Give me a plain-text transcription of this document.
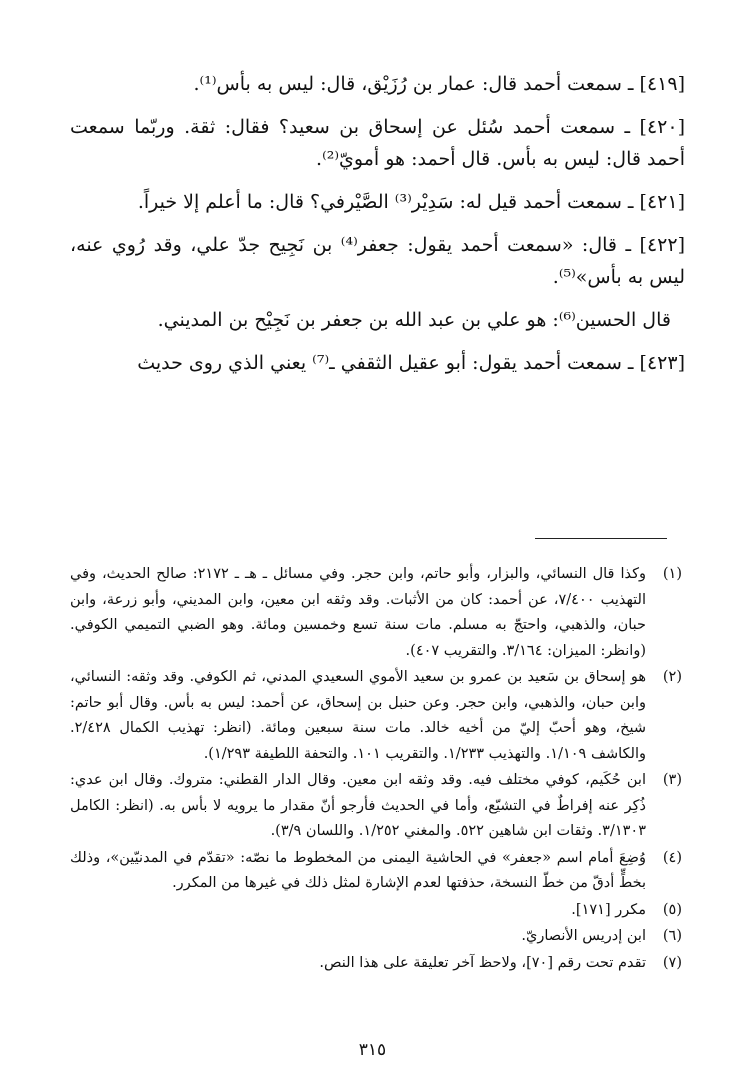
[٤١٩] ـ سمعت أحمد قال: عمار بن رُزَيْق، قال: ليس به بأس⁽¹⁾.

[٤٢٠] ـ سمعت أحمد سُئل عن إسحاق بن سعيد؟ فقال: ثقة. وربّما سمعت أحمد قال: ليس به بأس. قال أحمد: هو أمويّ⁽²⁾.

[٤٢١] ـ سمعت أحمد قيل له: سَدِيْر⁽³⁾ الصَّيْرفي؟ قال: ما أعلم إلا خيراً.

[٤٢٢] ـ قال: «سمعت أحمد يقول: جعفر⁽⁴⁾ بن نَجِيح جدّ علي، وقد رُوي عنه، ليس به بأس»⁽⁵⁾.

قال الحسين⁽⁶⁾: هو علي بن عبد الله بن جعفر بن نَجِيْح بن المديني.

[٤٢٣] ـ سمعت أحمد يقول: أبو عقيل الثقفي ـ⁽⁷⁾ يعني الذي روى حديث

(١)
وكذا قال النسائي، والبزار، وأبو حاتم، وابن حجر. وفي مسائل ـ هـ ـ ٢١٧٢: صالح الحديث، وفي التهذيب ٧/٤٠٠، عن أحمد: كان من الأثبات. وقد وثقه ابن معين، وابن المديني، وأبو زرعة، وابن حبان، والذهبي، واحتجّ به مسلم. مات سنة تسع وخمسين ومائة. وهو الضبي التميمي الكوفي. (وانظر: الميزان: ٣/١٦٤. والتقريب ٤٠٧).
(٢)
هو إسحاق بن سَعيد بن عمرو بن سعيد الأموي السعيدي المدني، ثم الكوفي. وقد وثقه: النسائي، وابن حبان، والذهبي، وابن حجر. وعن حنبل بن إسحاق، عن أحمد: ليس به بأس. وقال أبو حاتم: شيخ، وهو أحبّ إليّ من أخيه خالد. مات سنة سبعين ومائة. (انظر: تهذيب الكمال ٢/٤٢٨. والكاشف ١/١٠٩. والتهذيب ١/٢٣٣. والتقريب ١٠١. والتحفة اللطيفة ١/٢٩٣).
(٣)
ابن حُكَيم، كوفي مختلف فيه. وقد وثقه ابن معين. وقال الدار القطني: متروك. وقال ابن عدي: ذُكِر عنه إفراطٌ في التشيّع، وأما في الحديث فأرجو أنّ مقدار ما يرويه لا بأس به. (انظر: الكامل ٣/١٣٠٣. وثقات ابن شاهين ٥٢٢. والمغني ١/٢٥٢. واللسان ٣/٩).
(٤)
وُضِعَ أمام اسم «جعفر» في الحاشية اليمنى من المخطوط ما نصّه: «تقدّم في المدنيّين»، وذلك بخطٍّ أدقّ من خطّ النسخة، حذفتها لعدم الإشارة لمثل ذلك في غيرها من المكرر.
(٥)
مكرر [١٧١].
(٦)
ابن إدريس الأنصاريّ.
(٧)
تقدم تحت رقم [٧٠]، ولاحظ آخر تعليقة على هذا النص.
٣١٥
